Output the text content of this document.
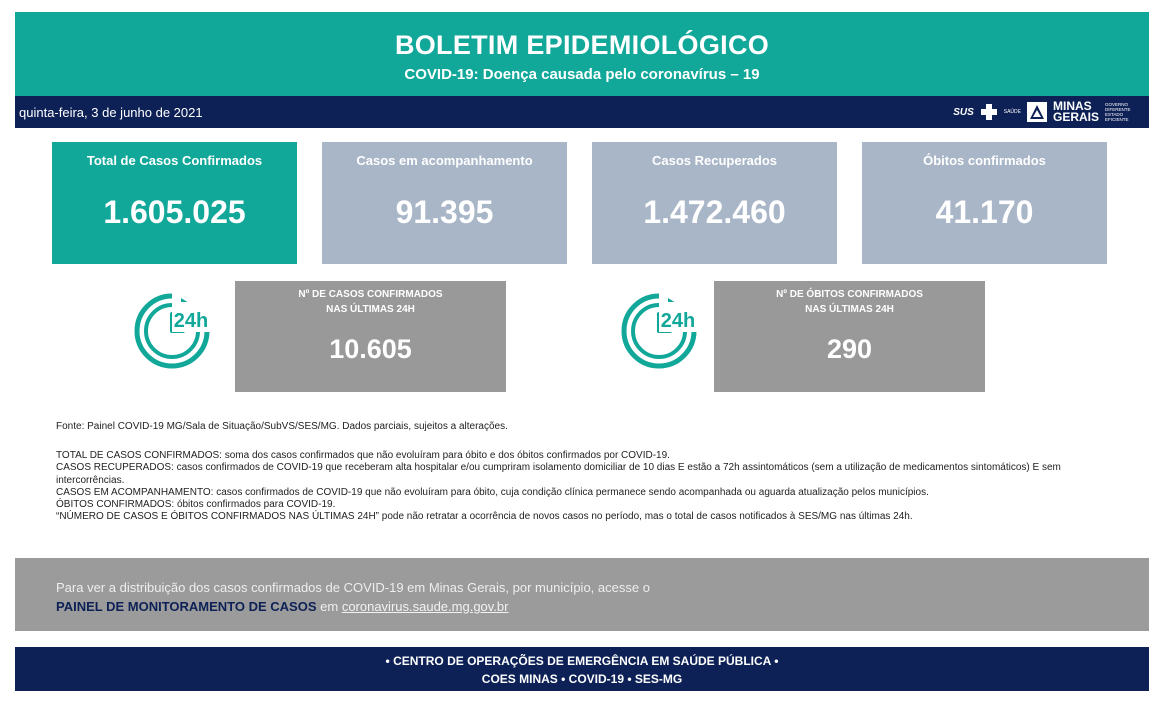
BOLETIM EPIDEMIOLÓGICO
COVID-19: Doença causada pelo coronavírus – 19
quinta-feira, 3 de junho de 2021	SUS	SAÚDE	MINAS
GERAIS
GOVERNO DIFERENTE ESTADO EFICIENTE
Total de Casos Confirmados
1.605.025
Casos em acompanhamento
91.395
Casos Recuperados
1.472.460
Óbitos confirmados
41.170
24h
Nº DE CASOS CONFIRMADOS
NAS ÚLTIMAS 24H
10.605
24h
Nº DE ÓBITOS CONFIRMADOS
NAS ÚLTIMAS 24H
290
Fonte: Painel COVID-19 MG/Sala de Situação/SubVS/SES/MG. Dados parciais, sujeitos a alterações.

TOTAL DE CASOS CONFIRMADOS: soma dos casos confirmados que não evoluíram para óbito e dos óbitos confirmados por COVID-19.

CASOS RECUPERADOS: casos confirmados de COVID-19 que receberam alta hospitalar e/ou cumpriram isolamento domiciliar de 10 dias E estão a 72h assintomáticos (sem a utilização de medicamentos sintomáticos) E sem intercorrências.

CASOS EM ACOMPANHAMENTO: casos confirmados de COVID-19 que não evoluíram para óbito, cuja condição clínica permanece sendo acompanhada ou aguarda atualização pelos municípios.

ÓBITOS CONFIRMADOS: óbitos confirmados para COVID-19.

“NÚMERO DE CASOS E ÓBITOS CONFIRMADOS NAS ÚLTIMAS 24H” pode não retratar a ocorrência de novos casos no período, mas o total de casos notificados à SES/MG nas últimas 24h.

Para ver a distribuição dos casos confirmados de COVID-19 em Minas Gerais, por município, acesse o
PAINEL DE MONITORAMENTO DE CASOS em coronavirus.saude.mg.gov.br
• CENTRO DE OPERAÇÕES DE EMERGÊNCIA EM SAÚDE PÚBLICA •
COES MINAS • COVID-19 • SES-MG
